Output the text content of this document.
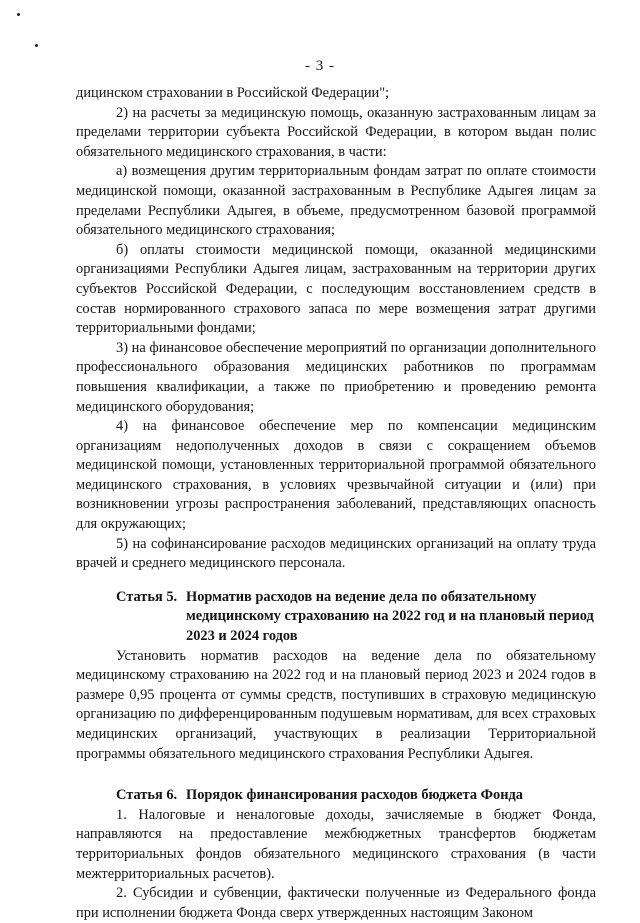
- 3 -

дицинском страховании в Российской Федерации";

2) на расчеты за медицинскую помощь, оказанную застрахованным лицам за пределами территории субъекта Российской Федерации, в котором выдан полис обязательного медицинского страхования, в части:

а) возмещения другим территориальным фондам затрат по оплате стоимости медицинской помощи, оказанной застрахованным в Республике Адыгея лицам за пределами Республики Адыгея, в объеме, предусмотренном базовой программой обязательного медицинского страхования;

б) оплаты стоимости медицинской помощи, оказанной медицинскими организациями Республики Адыгея лицам, застрахованным на территории других субъектов Российской Федерации, с последующим восстановлением средств в состав нормированного страхового запаса по мере возмещения затрат другими территориальными фондами;

3) на финансовое обеспечение мероприятий по организации дополнительного профессионального образования медицинских работников по программам повышения квалификации, а также по приобретению и проведению ремонта медицинского оборудования;

4) на финансовое обеспечение мер по компенсации медицинским организациям недополученных доходов в связи с сокращением объемов медицинской помощи, установленных территориальной программой обязательного медицинского страхования, в условиях чрезвычайной ситуации и (или) при возникновении угрозы распространения заболеваний, представляющих опасность для окружающих;

5) на софинансирование расходов медицинских организаций на оплату труда врачей и среднего медицинского персонала.

Статья 5. Норматив расходов на ведение дела по обязательному медицинскому страхованию на 2022 год и на плановый период 2023 и 2024 годов

Установить норматив расходов на ведение дела по обязательному медицинскому страхованию на 2022 год и на плановый период 2023 и 2024 годов в размере 0,95 процента от суммы средств, поступивших в страховую медицинскую организацию по дифференцированным подушевым нормативам, для всех страховых медицинских организаций, участвующих в реализации Территориальной программы обязательного медицинского страхования Республики Адыгея.

Статья 6. Порядок финансирования расходов бюджета Фонда

1. Налоговые и неналоговые доходы, зачисляемые в бюджет Фонда, направляются на предоставление межбюджетных трансфертов бюджетам территориальных фондов обязательного медицинского страхования (в части межтерриториальных расчетов).

2. Субсидии и субвенции, фактически полученные из Федерального фонда при исполнении бюджета Фонда сверх утвержденных настоящим Законом
